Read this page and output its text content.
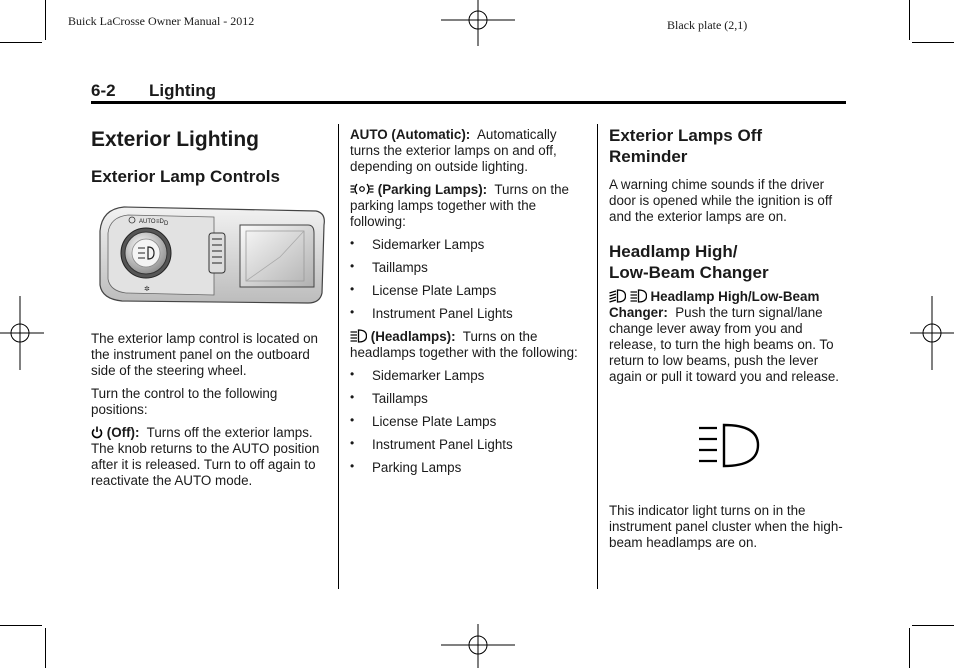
Buick LaCrosse Owner Manual - 2012	Black plate (2,1)
6-2 Lighting
Exterior Lighting
Exterior Lamp Controls
AUTO ≡D D
✲

The exterior lamp control is located on the instrument panel on the outboard side of the steering wheel.

Turn the control to the following positions:

(Off): Turns off the exterior lamps. The knob returns to the AUTO position after it is released. Turn to off again to reactivate the AUTO mode.

AUTO (Automatic): Automatically turns the exterior lamps on and off, depending on outside lighting.

(Parking Lamps): Turns on the parking lamps together with the following:

• Sidemarker Lamps
• Taillamps
• License Plate Lamps
• Instrument Panel Lights

(Headlamps): Turns on the headlamps together with the following:

• Sidemarker Lamps
• Taillamps
• License Plate Lamps
• Instrument Panel Lights
• Parking Lamps
Exterior Lamps Off Reminder

A warning chime sounds if the driver door is opened while the ignition is off and the exterior lamps are on.

Headlamp High/
Low-Beam Changer

Headlamp High/Low-Beam Changer: Push the turn signal/lane change lever away from you and release, to turn the high beams on. To return to low beams, push the lever again or pull it toward you and release.

This indicator light turns on in the instrument panel cluster when the high-beam headlamps are on.
